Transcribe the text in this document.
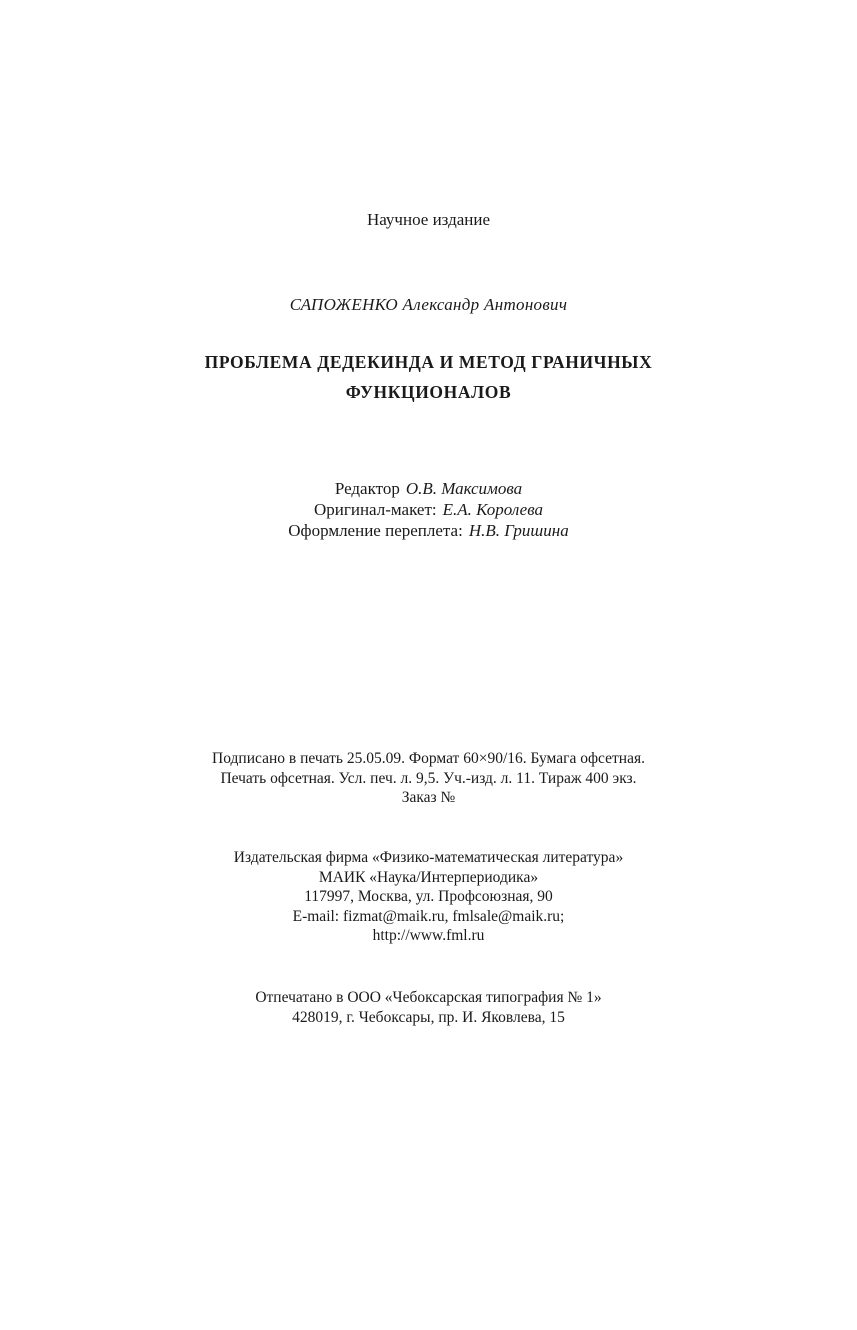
Научное издание
САПОЖЕНКО Александр Антонович
ПРОБЛЕМА ДЕДЕКИНДА И МЕТОД ГРАНИЧНЫХ
ФУНКЦИОНАЛОВ
Редактор О.В. Максимова
Оригинал-макет: Е.А. Королева
Оформление переплета: Н.В. Гришина
Подписано в печать 25.05.09. Формат 60×90/16. Бумага офсетная.
Печать офсетная. Усл. печ. л. 9,5. Уч.-изд. л. 11. Тираж 400 экз.
Заказ №
Издательская фирма «Физико-математическая литература»
МАИК «Наука/Интерпериодика»
117997, Москва, ул. Профсоюзная, 90
E-mail: fizmat@maik.ru, fmlsale@maik.ru;
http://www.fml.ru
Отпечатано в ООО «Чебоксарская типография № 1»
428019, г. Чебоксары, пр. И. Яковлева, 15
